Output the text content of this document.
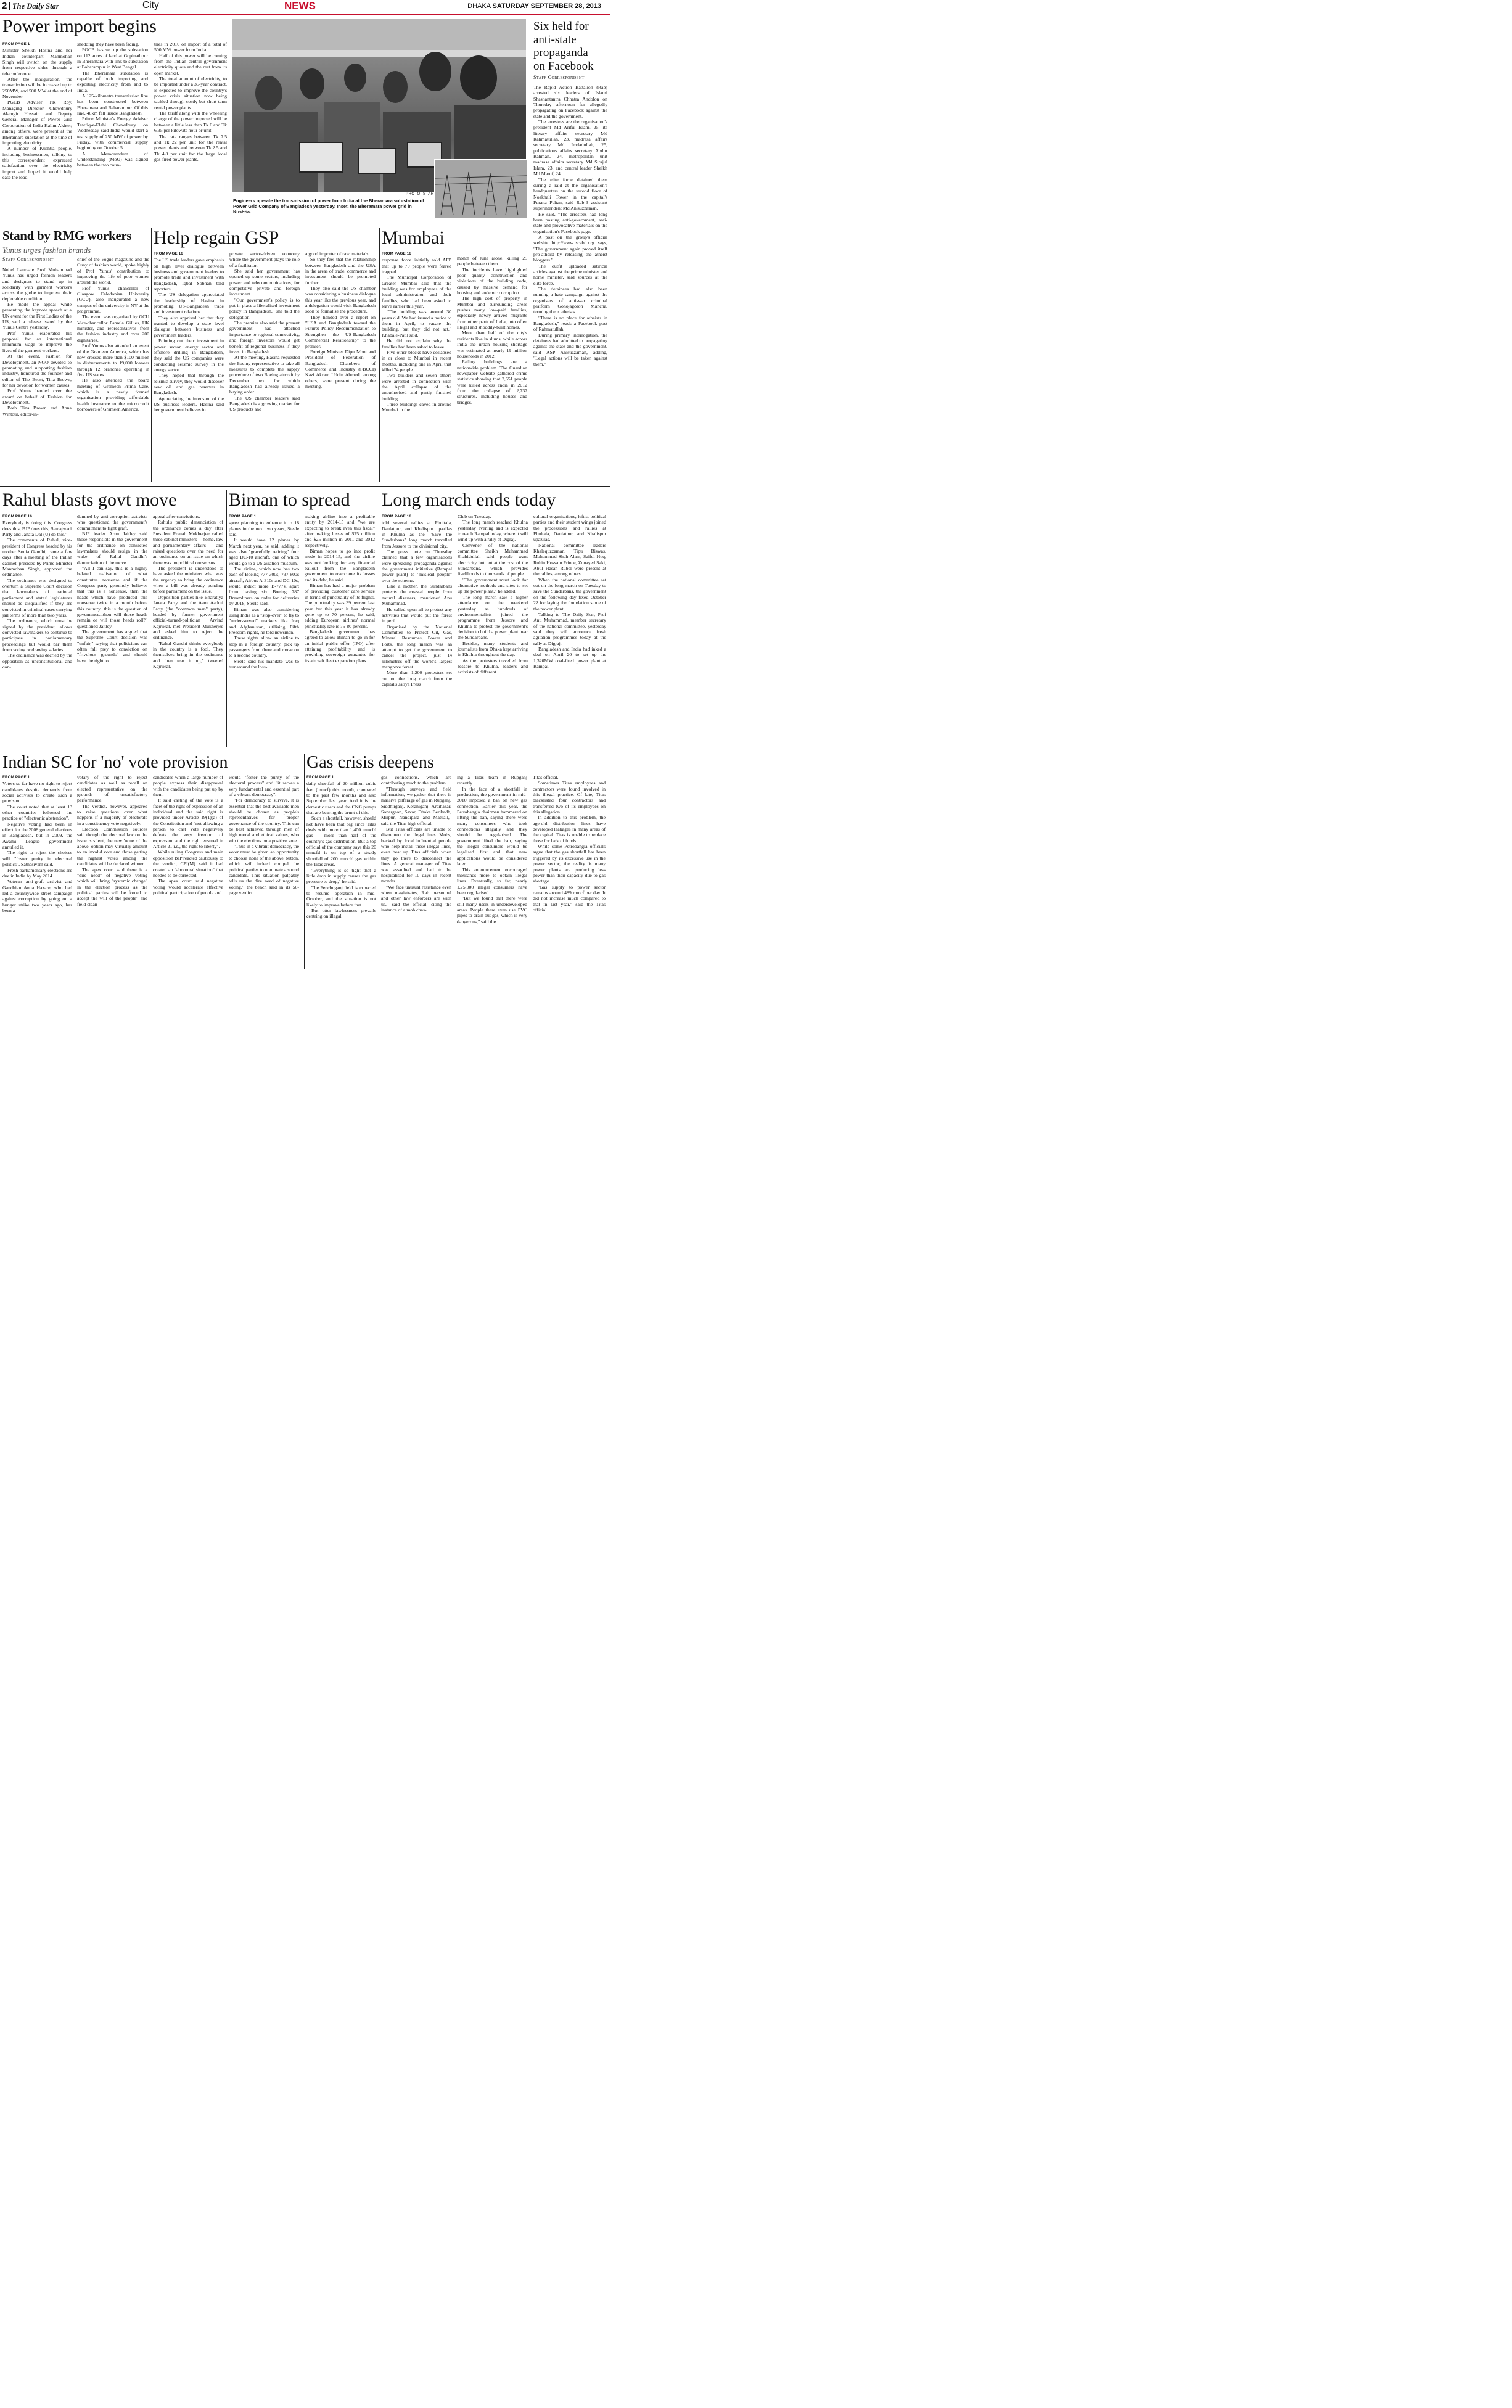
2 The Daily Star	City	NEWS	DHAKA SATURDAY SEPTEMBER 28, 2013
Power import begins

FROM PAGE 1

Minister Sheikh Hasina and her Indian counterpart Manmohan Singh will switch on the supply from respective sides through a teleconference.

After the inauguration, the transmission will be increased up to 250MW, and 500 MW at the end of November.

PGCB Adviser PK Roy, Managing Director Chowdhury Alamgir Hossain and Deputy General Manager of Power Grid Corporation of India Kalim Akhter, among others, were present at the Bheramara substation at the time of importing electricity.

A number of Kushtia people, including businessmen, talking to this correspondent expressed satisfaction over the electricity import and hoped it would help ease the load

shedding they have been facing.

PGCB has set up the substation on 112 acres of land at Gopinathpur in Bheramara with link to substation at Baharampur in West Bengal.

The Bheramara substation is capable of both importing and exporting electricity from and to India.

A 125-kilometre transmission line has been constructed between Bheramara and Baharampur. Of this line, 40km fell inside Bangladesh.

Prime Minister's Energy Adviser Tawfiq-e-Elahi Chowdhury on Wednesday said India would start a test supply of 250 MW of power by Friday, with commercial supply beginning on October 5.

A Memorandum of Understanding (MoU) was signed between the two coun-

tries in 2010 on import of a total of 500 MW power from India.

Half of this power will be coming from the Indian central government electricity quota and the rest from its open market.

The total amount of electricity, to be imported under a 35-year contract, is expected to improve the country's power crisis situation now being tackled through costly but short-term rental power plants.

The tariff along with the wheeling charge of the power imported will be between a little less than Tk 6 and Tk 6.35 per kilowatt-hour or unit.

The rate ranges between Tk 7.5 and Tk 22 per unit for the rental power plants and between Tk 2.5 and Tk 4.8 per unit for the large local gas-fired power plants.

PHOTO: STAR
Engineers operate the transmission of power from India at the Bheramara sub-station of Power Grid Company of Bangladesh yesterday. Inset, the Bheramara power grid in Kushtia.
Six held for
anti-state
propaganda
on Facebook
Staff Correspondent

The Rapid Action Battalion (Rab) arrested six leaders of Islami Shashantantra Chhatra Andolon on Thursday afternoon for allegedly propagating on Facebook against the state and the government.

The arrestees are the organisation's president Md Ariful Islam, 25, its literary affairs secretary Md Rahmatullah, 23, madrasa affairs secretary Md Imdadullah, 25, publications affairs secretary Abdur Rahman, 24, metropolitan unit madrasa affairs secretary Md Sirajul Islam, 23, and central leader Sheikh Md Maruf, 24.

The elite force detained them during a raid at the organisation's headquarters on the second floor of Noakhali Tower in the capital's Purana Paltan, said Rab-3 assistant superintendent Md Anisuzzaman.

He said, "The arrestees had long been posting anti-government, anti-state and provocative materials on the organisation's Facebook page.

A post on the group's official website http://www.iscabd.org says, "The government again proved itself pro-atheist by releasing the atheist bloggers."

The outfit uploaded satirical articles against the prime minister and home minister, said sources at the elite force.

The detainees had also been running a hate campaign against the organisers of anti-war criminal platform Gonojagoron Mancha, terming them atheists.

"There is no place for atheists in Bangladesh," reads a Facebook post of Rahmatullah.

During primary interrogation, the detainees had admitted to propagating against the state and the government, said ASP Anisuzzaman, adding, "Legal actions will be taken against them."

Stand by RMG workers
Yunus urges fashion brands
Staff Correspondent

Nobel Laureate Prof Muhammad Yunus has urged fashion leaders and designers to stand up in solidarity with garment workers across the globe to improve their deplorable condition.

He made the appeal while presenting the keynote speech at a UN event for the First Ladies of the US, said a release issued by the Yunus Centre yesterday.

Prof Yunus elaborated his proposal for an international minimum wage to improve the lives of the garment workers.

At the event, Fashion for Development, an NGO devoted to promoting and supporting fashion industry, honoured the founder and editor of The Beast, Tina Brown, for her devotion for women causes.

Prof Yunus handed over the award on behalf of Fashion for Development.

Both Tina Brown and Anna Wintour, editor-in-

chief of the Vogue magazine and the Cuny of fashion world, spoke highly of Prof Yunus' contribution to improving the life of poor women around the world.

Prof Yunus, chancellor of Glasgow Caledonian University (GCU), also inaugurated a new campus of the university in NY at the programme.

The event was organised by GCU Vice-chancellor Pamela Gillies, UK minister, and representatives from the fashion industry and over 200 dignitaries.

Prof Yunus also attended an event of the Grameen America, which has now crossed more than $100 million in disbursements to 19,000 loanees through 12 branches operating in five US states.

He also attended the board meeting of Grameen Prima Care, which is a newly formed organisation providing affordable health insurance to the microcredit borrowers of Grameen America.

Help regain GSP

FROM PAGE 16

The US trade leaders gave emphasis on high level dialogue between business and government leaders to promote trade and investment with Bangladesh, Iqbal Sobhan told reporters.

The US delegation appreciated the leadership of Hasina in promoting US-Bangladesh trade and investment relations.

They also apprised her that they wanted to develop a state level dialogue between business and government leaders.

Pointing out their investment in power sector, energy sector and offshore drilling in Bangladesh, they said the US companies were conducting seismic survey in the energy sector.

They hoped that through the seismic survey, they would discover new oil and gas reserves in Bangladesh.

Appreciating the intension of the US business leaders, Hasina said her government believes in

private sector-driven economy where the government plays the role of a facilitator.

She said her government has opened up some sectors, including power and telecommunications, for competitive private and foreign investment.

"Our government's policy is to put in place a liberalised investment policy in Bangladesh," she told the delegation.

The premier also said the present government had attached importance to regional connectivity, and foreign investors would get benefit of regional business if they invest in Bangladesh.

At the meeting, Hasina requested the Boeing representative to take all measures to complete the supply procedure of two Boeing aircraft by December next for which Bangladesh had already issued a buying order.

The US chamber leaders said Bangladesh is a growing market for US products and

a good importer of raw materials.

So they feel that the relationship between Bangladesh and the USA in the areas of trade, commerce and investment should be promoted further.

They also said the US chamber was considering a business dialogue this year like the previous year, and a delegation would visit Bangladesh soon to formalise the procedure.

They handed over a report on "USA and Bangladesh toward the Future: Policy Recommendation to Strengthen the US-Bangladesh Commercial Relationship" to the premier.

Foreign Minister Dipu Moni and President of Federation of Bangladesh Chambers of Commerce and Industry (FBCCI) Kazi Akram Uddin Ahmed, among others, were present during the meeting.

Mumbai

FROM PAGE 16

response force initially told AFP that up to 70 people were feared trapped.

The Municipal Corporation of Greater Mumbai said that the building was for employees of the local administration and their families, who had been asked to leave earlier this year.

"The building was around 30 years old. We had issued a notice to them in April, to vacate the building, but they did not act," Khabale-Patil said.

He did not explain why the families had been asked to leave.

Five other blocks have collapsed in or close to Mumbai in recent months, including one in April that killed 74 people.

Two builders and seven others were arrested in connection with the April collapse of the unauthorised and partly finished building.

Three buildings caved in around Mumbai in the

month of June alone, killing 25 people between them.

The incidents have highlighted poor quality construction and violations of the building code, caused by massive demand for housing and endemic corruption.

The high cost of property in Mumbai and surrounding areas pushes many low-paid families, especially newly arrived migrants from other parts of India, into often illegal and shoddily-built homes.

More than half of the city's residents live in slums, while across India the urban housing shortage was estimated at nearly 19 million households in 2012.

Falling buildings are a nationwide problem. The Guardian newspaper website gathered crime statistics showing that 2,651 people were killed across India in 2012 from the collapse of 2,737 structures, including houses and bridges.

Rahul blasts govt move

FROM PAGE 16

Everybody is doing this. Congress does this, BJP does this, Samajwadi Party and Janata Dal (U) do this."

The comments of Rahul, vice-president of Congress headed by his mother Sonia Gandhi, came a few days after a meeting of the Indian cabinet, presided by Prime Minister Manmohan Singh, approved the ordinance.

The ordinance was designed to overturn a Supreme Court decision that lawmakers of national parliament and states' legislatures should be disqualified if they are convicted in criminal cases carrying jail terms of more than two years.

The ordinance, which must be signed by the president, allows convicted lawmakers to continue to participate in parliamentary proceedings but would bar them from voting or drawing salaries.

The ordinance was decried by the opposition as unconstitutional and con-

demned by anti-corruption activists who questioned the government's commitment to fight graft.

BJP leader Arun Jaitley said those responsible in the government for the ordinance on convicted lawmakers should resign in the wake of Rahul Gandhi's denunciation of the move.

"All I can say, this is a highly belated realisation of what constitutes nonsense and if the Congress party genuinely believes that this is a nonsense, then the heads which have produced this nonsense twice in a month before this country...this is the question of governance...then will those heads remain or will those heads roll?" questioned Jaitley.

The government has argued that the Supreme Court decision was "unfair," saying that politicians can often fall prey to conviction on "frivolous grounds" and should have the right to

appeal after convictions.

Rahul's public denunciation of the ordinance comes a day after President Pranab Mukherjee called three cabinet ministers -- home, law and parliamentary affairs -- and raised questions over the need for an ordinance on an issue on which there was no political consensus.

The president is understood to have asked the ministers what was the urgency to bring the ordinance when a bill was already pending before parliament on the issue.

Opposition parties like Bharatiya Janata Party and the Aam Aadmi Party (the "common man" party), headed by former government official-turned-politician Arvind Kejriwal, met President Mukherjee and asked him to reject the ordinance.

"Rahul Gandhi thinks everybody in the country is a fool. They themselves bring in the ordinance and then tear it up," tweeted Kejriwal.

Biman to spread

FROM PAGE 1

spree planning to enhance it to 18 planes in the next two years, Steele said.

It would have 12 planes by March next year, he said, adding it was also "gracefully retiring" four aged DC-10 aircraft, one of which would go to a US aviation museum.

The airline, which now has two each of Boeing 777-300s, 737-800s aircraft, Airbus A-310s and DC-10s, would induct more B-777s, apart from having six Boeing 787 Dreamliners on order for deliveries by 2018, Steele said.

Biman was also considering using India as a "stop-over" to fly to "under-served" markets like Iraq and Afghanistan, utilising Fifth Freedom rights, he told newsmen.

These rights allow an airline to stop in a foreign country, pick up passengers from there and move on to a second country.

Steele said his mandate was to turnaround the loss-

making airline into a profitable entity by 2014-15 and "we are expecting to break even this fiscal" after making losses of $75 million and $25 million in 2011 and 2012 respectively.

Biman hopes to go into profit mode in 2014-15, and the airline was not looking for any financial bailout from the Bangladesh government to overcome its losses and its debt, he said.

Biman has had a major problem of providing customer care service in terms of punctuality of its flights. The punctuality was 39 percent last year but this year it has already gone up to 70 percent, he said, adding European airlines' normal punctuality rate is 75-80 percent.

Bangladesh government has agreed to allow Biman to go in for an initial public offer (IPO) after attaining profitability and is providing sovereign guarantee for its aircraft fleet expansion plans.

Long march ends today

FROM PAGE 16

told several rallies at Phultala, Daulatpur, and Khalispur upazilas in Khulna as the "Save the Sundarbans" long march travelled from Jessore to the divisional city.

The press note on Thursday claimed that a few organisations were spreading propaganda against the government initiative (Rampal power plant) to "mislead people" over the scheme.

Like a mother, the Sundarbans protects the coastal people from natural disasters, mentioned Anu Muhammad.

He called upon all to protest any activities that would put the forest in peril.

Organised by the National Committee to Protect Oil, Gas, Mineral Resources, Power and Ports, the long march was an attempt to get the government to cancel the project, just 14 kilometres off the world's largest mangrove forest.

More than 1,200 protesters set out on the long march from the capital's Jatiya Press

Club on Tuesday.

The long march reached Khulna yesterday evening and is expected to reach Rampal today, where it will wind up with a rally at Digraj.

Convener of the national committee Sheikh Muhammad Shahidullah said people want electricity but not at the cost of the Sundarbans, which provides livelihoods to thousands of people.

"The government must look for alternative methods and sites to set up the power plant," he added.

The long march saw a higher attendance on the weekend yesterday as hundreds of environmentalists joined the programme from Jessore and Khulna to protest the government's decision to build a power plant near the Sundarbans.

Besides, many students and journalists from Dhaka kept arriving in Khulna throughout the day.

As the protesters travelled from Jessore to Khulna, leaders and activists of different

cultural organisations, leftist political parties and their student wings joined the processions and rallies at Phultala, Daulatpur, and Khalispur upazilas.

National committee leaders Khalequzzaman, Tipu Biswas, Mohammad Shah Alam, Saiful Huq, Ruhin Hossain Prince, Zonayed Saki, Abul Hasan Rubel were present at the rallies, among others.

When the national committee set out on the long march on Tuesday to save the Sundarbans, the government on the following day fixed October 22 for laying the foundation stone of the power plant.

Talking to The Daily Star, Prof Anu Muhammad, member secretary of the national committee, yesterday said they will announce fresh agitation programmes today at the rally at Digraj.

Bangladesh and India had inked a deal on April 20 to set up the 1,320MW coal-fired power plant at Rampal.

Indian SC for 'no' vote provision

FROM PAGE 1

Voters so far have no right to reject candidates despite demands from social activists to create such a provision.

The court noted that at least 13 other countries followed the practice of "electronic abstention".

Negative voting had been in effect for the 2008 general elections in Bangladesh, but in 2009, the Awami League government annulled it.

The right to reject the choices will "foster purity in electoral politics", Sathasivam said.

Fresh parliamentary elections are due in India by May 2014.

Veteran anti-graft activist and Gandhian Anna Hazare, who had led a countrywide street campaign against corruption by going on a hunger strike two years ago, has been a

votary of the right to reject candidates as well as recall an elected representative on the grounds of unsatisfactory performance.

The verdict, however, appeared to raise questions over what happens if a majority of electorate in a constituency vote negatively.

Election Commission sources said though the electoral law on the issue is silent, the new 'none of the above' option may virtually amount to an invalid vote and those getting the highest votes among the candidates will be declared winner.

The apex court said there is a "dire need" of negative voting which will bring "systemic change" in the election process as the political parties will be forced to accept the will of the people" and field clean

candidates when a large number of people express their disapproval with the candidates being put up by them.

It said casting of the vote is a facet of the right of expression of an individual and the said right is provided under Article 19(1)(a) of the Constitution and "not allowing a person to cast vote negatively defeats the very freedom of expression and the right ensured in Article 21 i.e., the right to liberty".

While ruling Congress and main opposition BJP reacted cautiously to the verdict, CPI(M) said it had created an "abnormal situation" that needed to be corrected.

The apex court said negative voting would accelerate effective political participation of people and

would "foster the purity of the electoral process" and "it serves a very fundamental and essential part of a vibrant democracy".

"For democracy to survive, it is essential that the best available men should be chosen as people's representatives for proper governance of the country. This can be best achieved through men of high moral and ethical values, who win the elections on a positive vote.

"Thus in a vibrant democracy, the voter must be given an opportunity to choose 'none of the above' button, which will indeed compel the political parties to nominate a sound candidate. This situation palpably tells us the dire need of negative voting," the bench said in its 50-page verdict.

Gas crisis deepens

FROM PAGE 1

daily shortfall of 20 million cubic feet (mmcf) this month, compared to the past few months and also September last year. And it is the domestic users and the CNG pumps that are bearing the brunt of this.

Such a shortfall, however, should not have been that big since Titas deals with more than 1,400 mmcfd gas -- more than half of the country's gas distribution. But a top official of the company says this 20 mmcfd is on top of a steady shortfall of 200 mmcfd gas within the Titas areas.

"Everything is so tight that a little drop in supply causes the gas pressure to drop," he said.

The Fenchuganj field is expected to resume operation in mid-October, and the situation is not likely to improve before that.

But utter lawlessness prevails centring on illegal

gas connections, which are contributing much to the problem.

"Through surveys and field information, we gather that there is massive pilferage of gas in Rupganj, Siddhirganj, Keraniganj, Araihazar, Sonargaon, Savar, Dhaka Beribadh, Mirpur, Nandipara and Matuail," said the Titas high official.

But Titas officials are unable to disconnect the illegal lines. Mobs, backed by local influential people who help install these illegal lines, even beat up Titas officials when they go there to disconnect the lines. A general manager of Titas was assaulted and had to be hospitalised for 10 days in recent months.

"We face unusual resistance even when magistrates, Rab personnel and other law enforcers are with us," said the official, citing the instance of a mob chas-

ing a Titas team in Rupganj recently.

In the face of a shortfall in production, the government in mid-2010 imposed a ban on new gas connection. Earlier this year, the Petrobangla chairman hammered on lifting the ban, saying there were many consumers who took connections illegally and they should be regularised. The government lifted the ban, saying the illegal consumers would be legalised first and that new applications would be considered later.

This announcement encouraged thousands more to obtain illegal lines. Eventually, so far, nearly 1,75,000 illegal consumers have been regularised.

"But we found that there were still many users in underdeveloped areas. People there even use PVC pipes to drain out gas, which is very dangerous," said the

Titas official.

Sometimes Titas employees and contractors were found involved in this illegal practice. Of late, Titas blacklisted four contractors and transferred two of its employees on this allegation.

In addition to this problem, the age-old distribution lines have developed leakages in many areas of the capital. Titas is unable to replace those for lack of funds.

While some Petrobangla officials argue that the gas shortfall has been triggered by its excessive use in the power sector, the reality is many power plants are producing less power than their capacity due to gas shortage.

"Gas supply to power sector remains around 489 mmcf per day. It did not increase much compared to that in last year," said the Titas official.
